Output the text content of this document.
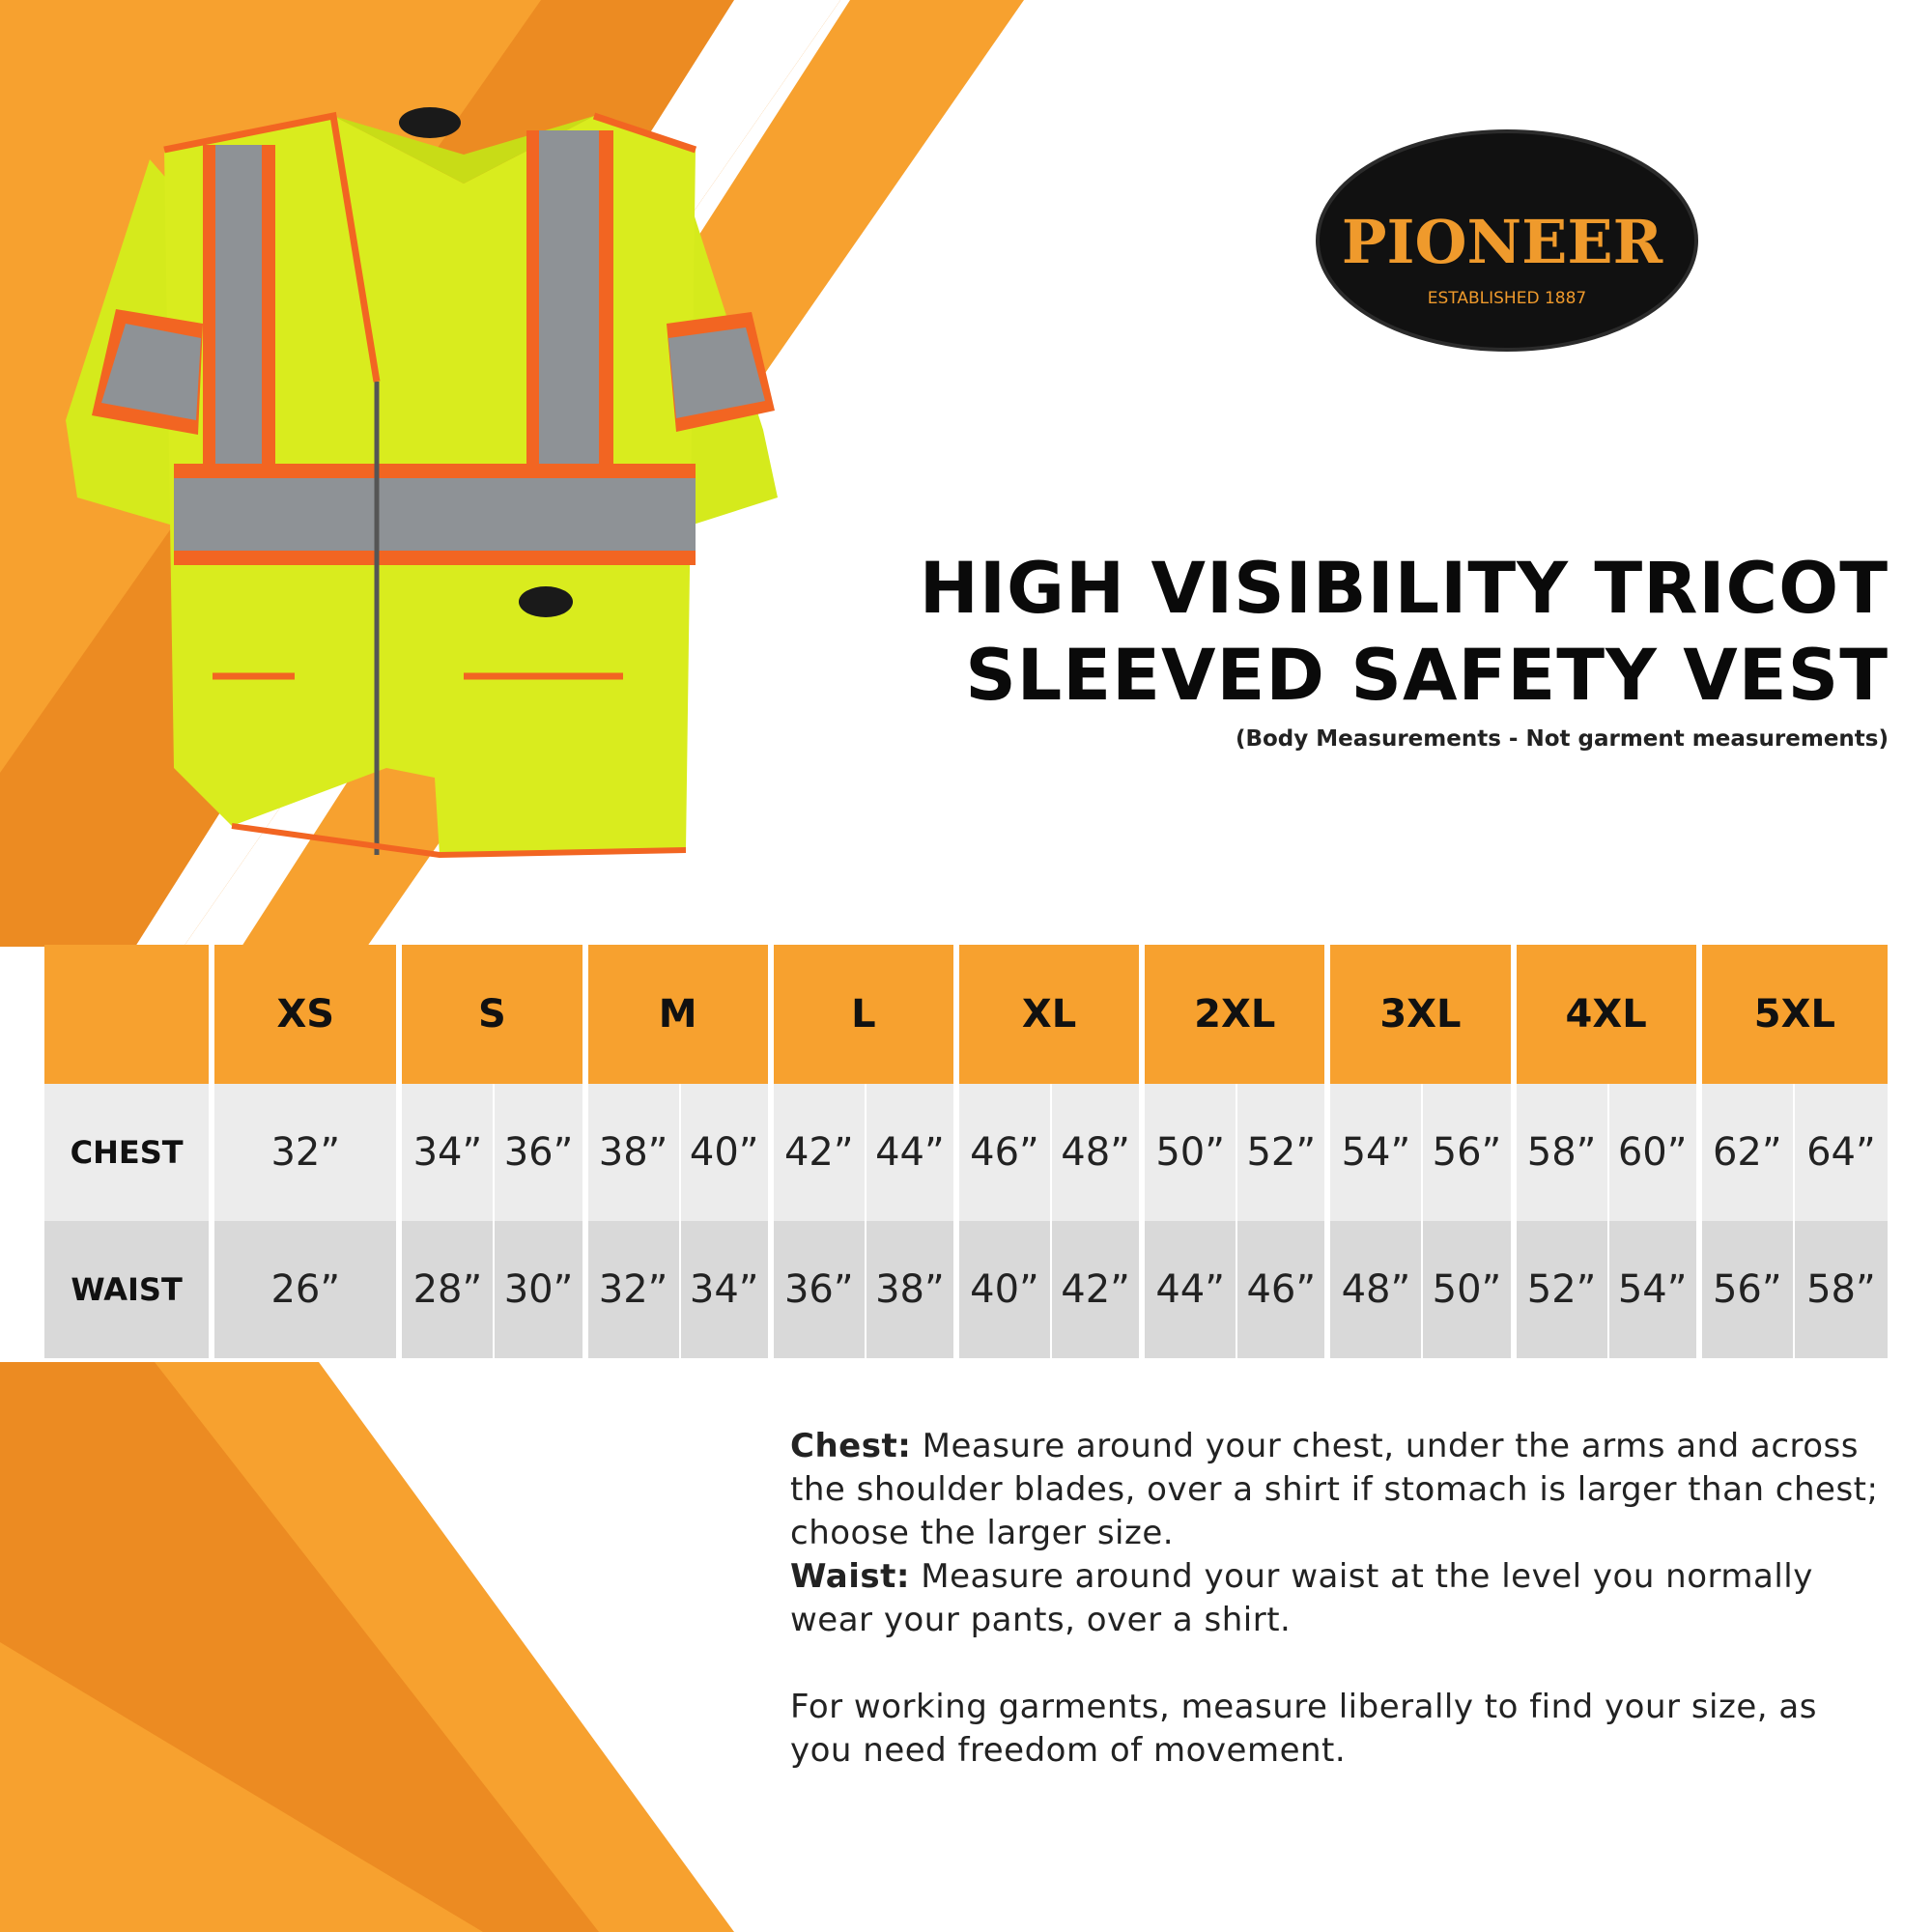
PIONEER
ESTABLISHED 1887
HIGH VISIBILITY TRICOT
SLEEVED SAFETY VEST
(Body Measurements - Not garment measurements)
	XS	S		M		L		XL		2XL		3XL		4XL		5XL	
CHEST	32”	34”	36”	38”	40”	42”	44”	46”	48”	50”	52”	54”	56”	58”	60”	62”	64”
WAIST	26”	28”	30”	32”	34”	36”	38”	40”	42”	44”	46”	48”	50”	52”	54”	56”	58”

Chest: Measure around your chest, under the arms and across the shoulder blades, over a shirt if stomach is larger than chest; choose the larger size.

Waist: Measure around your waist at the level you normally wear your pants, over a shirt.

For working garments, measure liberally to find your size, as you need freedom of movement.
